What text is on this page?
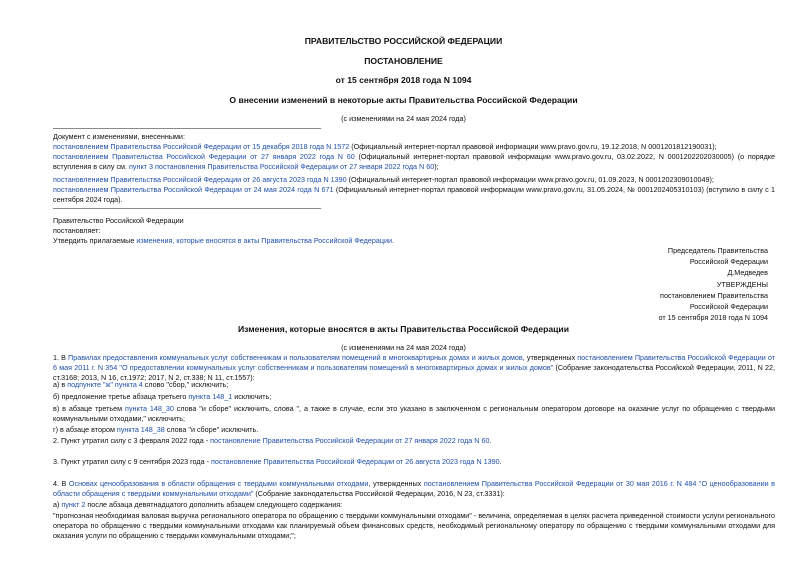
ПРАВИТЕЛЬСТВО РОССИЙСКОЙ ФЕДЕРАЦИИ
ПОСТАНОВЛЕНИЕ
от 15 сентября 2018 года N 1094
О внесении изменений в некоторые акты Правительства Российской Федерации
(с изменениями на 24 мая 2024 года)
Документ с изменениями, внесенными:
постановлением Правительства Российской Федерации от 15 декабря 2018 года N 1572 (Официальный интернет-портал правовой информации www.pravo.gov.ru, 19.12.2018, N 0001201812190031);
постановлением Правительства Российской Федерации от 27 января 2022 года N 60 (Официальный интернет-портал правовой информации www.pravo.gov.ru, 03.02.2022, N 0001202202030005) (о порядке вступления в силу см. пункт 3 постановления Правительства Российской Федерации от 27 января 2022 года N 60);
постановлением Правительства Российской Федерации от 26 августа 2023 года N 1390 (Официальный интернет-портал правовой информации www.pravo.gov.ru, 01.09.2023, N 0001202309010049);
постановлением Правительства Российской Федерации от 24 мая 2024 года N 671 (Официальный интернет-портал правовой информации www.pravo.gov.ru, 31.05.2024, № 0001202405310103) (вступило в силу с 1 сентября 2024 года).
Правительство Российской Федерации
постановляет:
Утвердить прилагаемые изменения, которые вносятся в акты Правительства Российской Федерации.
Председатель Правительства
Российской Федерации
Д.Медведев
УТВЕРЖДЕНЫ
постановлением Правительства
Российской Федерации
от 15 сентября 2018 года N 1094
Изменения, которые вносятся в акты Правительства Российской Федерации
(с изменениями на 24 мая 2024 года)
1. В Правилах предоставления коммунальных услуг собственникам и пользователям помещений в многоквартирных домах и жилых домов, утвержденных постановлением Правительства Российской Федерации от 6 мая 2011 г. N 354 "О предоставлении коммунальных услуг собственникам и пользователям помещений в многоквартирных домах и жилых домов" (Собрание законодательства Российской Федерации, 2011, N 22, ст.3168; 2013, N 16, ст.1972; 2017, N 2, ст.338; N 11, ст.1557):
а) в подпункте "ж" пункта 4 слово "сбор," исключить;
б) предложение третье абзаца третьего пункта 148_1 исключить;
в) в абзаце третьем пункта 148_30 слова "и сборе" исключить, слова ", а также в случае, если это указано в заключенном с региональным оператором договоре на оказание услуг по обращению с твердыми коммунальными отходами," исключить;
г) в абзаце втором пункта 148_38 слова "и сборе" исключить.
2. Пункт утратил силу с 3 февраля 2022 года - постановление Правительства Российской Федерации от 27 января 2022 года N 60.
3. Пункт утратил силу с 9 сентября 2023 года - постановление Правительства Российской Федерации от 26 августа 2023 года N 1390.
4. В Основах ценообразования в области обращения с твердыми коммунальными отходами, утвержденных постановлением Правительства Российской Федерации от 30 мая 2016 г. N 484 "О ценообразовании в области обращения с твердыми коммунальными отходами" (Собрание законодательства Российской Федерации, 2016, N 23, ст.3331):
а) пункт 2 после абзаца девятнадцатого дополнить абзацем следующего содержания:
"прогнозная необходимая валовая выручка регионального оператора по обращению с твердыми коммунальными отходами" - величина, определяемая в целях расчета приведенной стоимости услуги регионального оператора по обращению с твердыми коммунальными отходами как планируемый объем финансовых средств, необходимый региональному оператору по обращению с твердыми коммунальными отходами для оказания услуги по обращению с твердыми коммунальными отходами;";
